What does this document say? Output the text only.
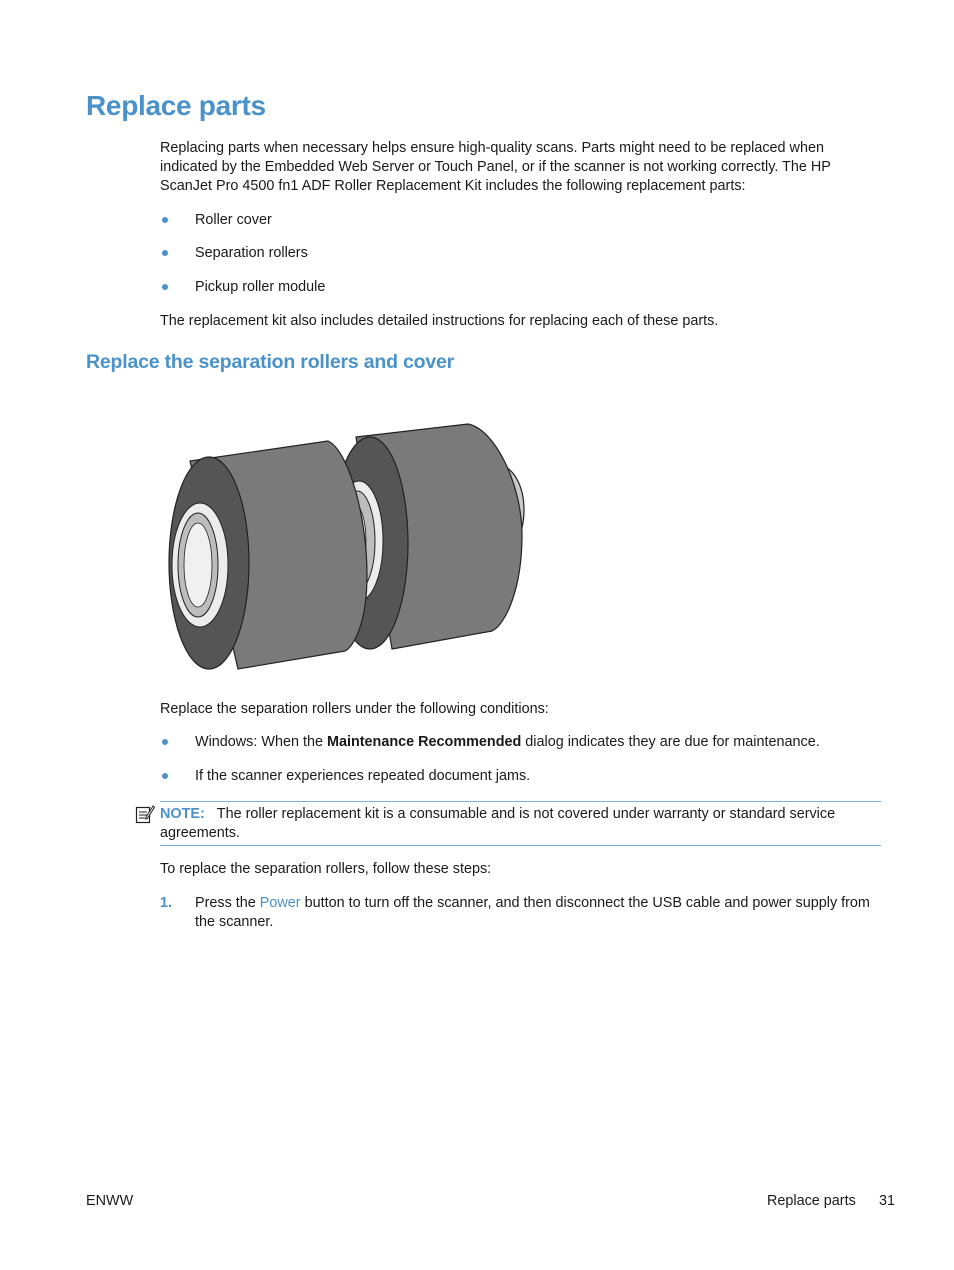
Replace parts

Replacing parts when necessary helps ensure high-quality scans. Parts might need to be replaced when indicated by the Embedded Web Server or Touch Panel, or if the scanner is not working correctly. The HP ScanJet Pro 4500 fn1 ADF Roller Replacement Kit includes the following replacement parts:

Roller cover
Separation rollers
Pickup roller module

The replacement kit also includes detailed instructions for replacing each of these parts.

Replace the separation rollers and cover

Replace the separation rollers under the following conditions:

Windows: When the Maintenance Recommended dialog indicates they are due for maintenance.
If the scanner experiences repeated document jams.
NOTE: The roller replacement kit is a consumable and is not covered under warranty or standard service agreements.

To replace the separation rollers, follow these steps:

1. Press the Power button to turn off the scanner, and then disconnect the USB cable and power supply from the scanner.
ENWW	Replace parts 31
